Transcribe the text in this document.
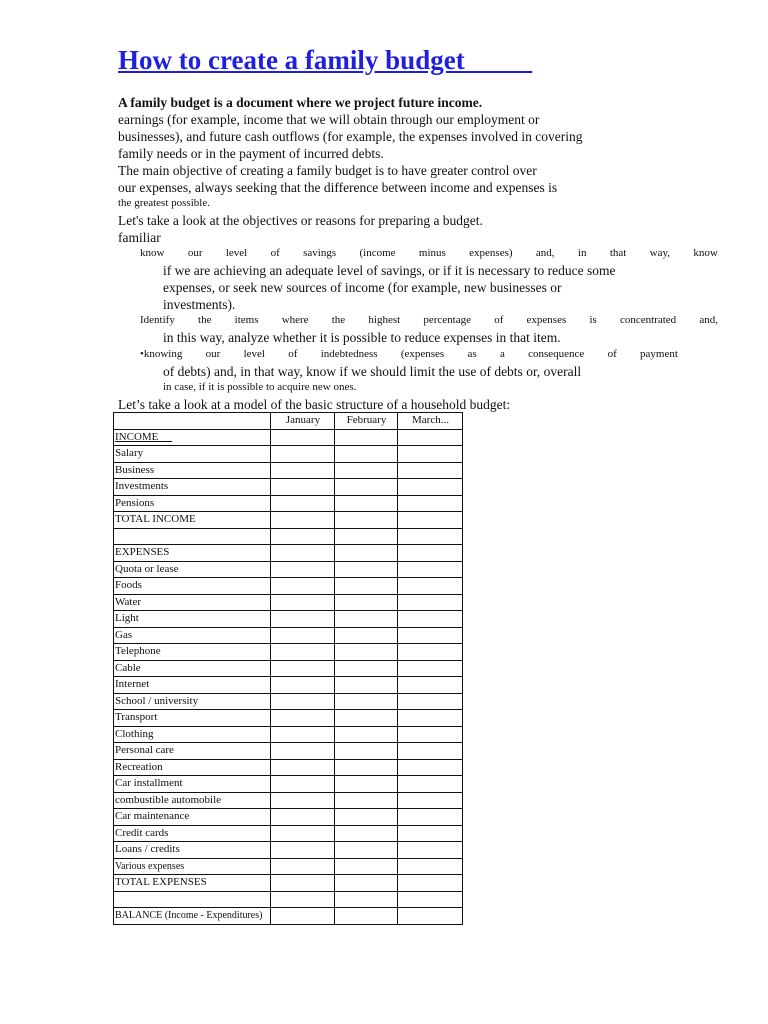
How to create a family budget
A family budget is a document where we project future income.
earnings (for example, income that we will obtain through our employment or
businesses), and future cash outflows (for example, the expenses involved in covering
family needs or in the payment of incurred debts.
The main objective of creating a family budget is to have greater control over
our expenses, always seeking that the difference between income and expenses is
the greatest possible.
Let's take a look at the objectives or reasons for preparing a budget.
familiar
know our level of savings (income minus expenses) and, in that way, know
if we are achieving an adequate level of savings, or if it is necessary to reduce some
expenses, or seek new sources of income (for example, new businesses or
investments).
Identify the items where the highest percentage of expenses is concentrated and,
in this way, analyze whether it is possible to reduce expenses in that item.
•knowing our level of indebtedness (expenses as a consequence of payment
of debts) and, in that way, know if we should limit the use of debts or, overall
in case, if it is possible to acquire new ones.
Let’s take a look at a model of the basic structure of a household budget:
	January	February	March...
INCOME			
Salary			
Business			
Investments			
Pensions			
TOTAL INCOME			

EXPENSES			
Quota or lease			
Foods			
Water			
Light			
Gas			
Telephone			
Cable			
Internet			
School / university			
Transport			
Clothing			
Personal care			
Recreation			
Car installment			
combustible automobile			
Car maintenance			
Credit cards			
Loans / credits			
Various expenses			
TOTAL EXPENSES			

BALANCE (Income - Expenditures)			
